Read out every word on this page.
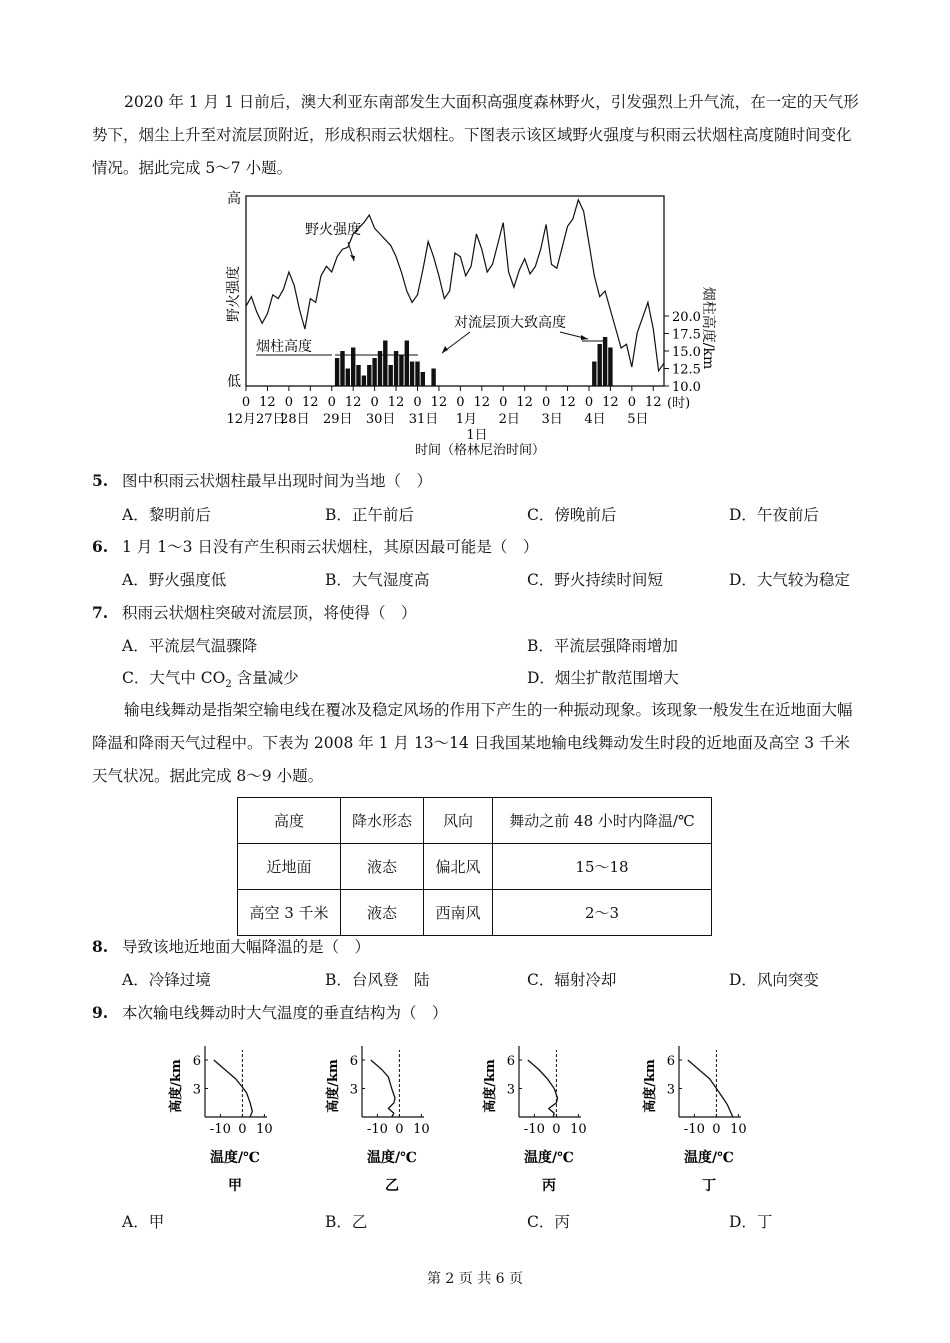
2020 年 1 月 1 日前后，澳大利亚东南部发生大面积高强度森林野火，引发强烈上升气流，在一定的天气形势下，烟尘上升至对流层顶附近，形成积雨云状烟柱。下图表示该区域野火强度与积雨云状烟柱高度随时间变化情况。据此完成 5～7 小题。

0 12 0 12 0 12 0 12 0 12 0 12 0 12 0 12 0 12 0 12
10.0
12.5
15.0
17.5
20.0
高
低
野火强度	烟柱高度/km
野火强度
烟柱高度
对流层顶大致高度
(时)
12月27日
28日 29日 30日 31日 1月 2日 3日 4日 5日
1日
时间（格林尼治时间）
5. 图中积雨云状烟柱最早出现时间为当地（　）
A．黎明前后	B．正午前后	C．傍晚前后	D．午夜前后
6. 1 月 1～3 日没有产生积雨云状烟柱，其原因最可能是（　）
A．野火强度低	B．大气湿度高	C．野火持续时间短	D．大气较为稳定
7. 积雨云状烟柱突破对流层顶，将使得（　）
A．平流层气温骤降	B．平流层强降雨增加
C．大气中 $CO_2$ 含量减少	D．烟尘扩散范围增大

输电线舞动是指架空输电线在覆冰及稳定风场的作用下产生的一种振动现象。该现象一般发生在近地面大幅降温和降雨天气过程中。下表为 2008 年 1 月 13～14 日我国某地输电线舞动发生时段的近地面及高空 3 千米天气状况。据此完成 8～9 小题。

高度	降水形态	风向	舞动之前 48 小时内降温/℃
近地面	液态	偏北风	15～18
高空 3 千米	液态	西南风	2～3
8. 导致该地近地面大幅降温的是（　）
A．冷锋过境	B．台风登　陆	C．辐射冷却	D．风向突变
9. 本次输电线舞动时大气温度的垂直结构为（　）
3
6
-10 0 10
高度/km
温度/℃
甲
3
6
-10 0 10
高度/km
温度/℃
乙
3
6
-10 0 10
高度/km
温度/℃
丙
3
6
-10 0 10
高度/km
温度/℃
丁
A．甲	B．乙	C．丙	D．丁
第 2 页 共 6 页
